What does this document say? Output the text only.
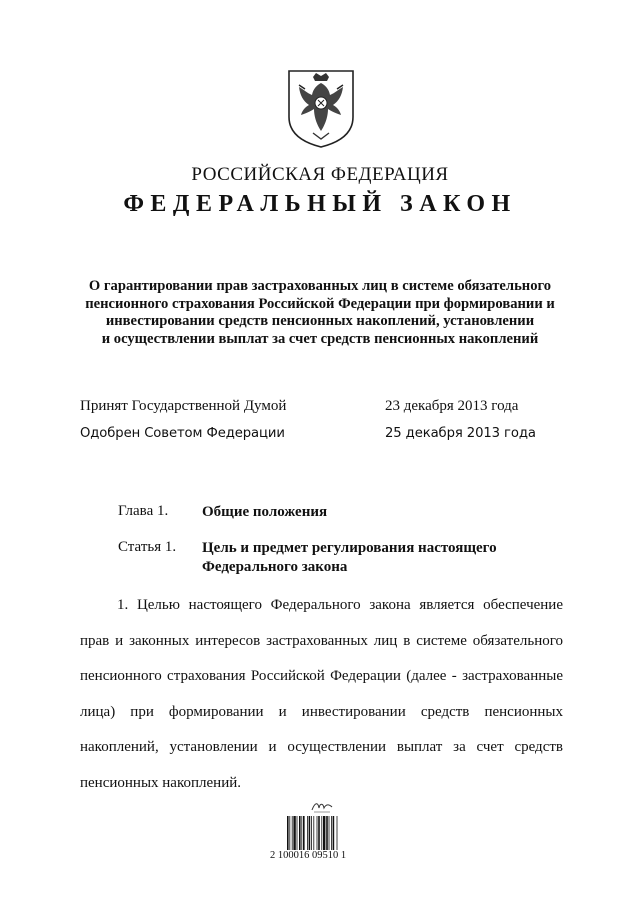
РОССИЙСКАЯ ФЕДЕРАЦИЯ
ФЕДЕРАЛЬНЫЙ ЗАКОН
О гарантировании прав застрахованных лиц в системе обязательного
пенсионного страхования Российской Федерации при формировании и
инвестировании средств пенсионных накоплений, установлении
и осуществлении выплат за счет средств пенсионных накоплений
Принят Государственной Думой	23 декабря 2013 года
Одобрен Советом Федерации	25 декабря 2013 года
Глава 1. Общие положения
Статья 1. Цель и предмет регулирования настоящего
Федерального закона
1. Целью настоящего Федерального закона является обеспечение
прав и законных интересов застрахованных лиц в системе обязательного
пенсионного страхования Российской Федерации (далее - застрахованные
лица) при формировании и инвестировании средств пенсионных
накоплений, установлении и осуществлении выплат за счет средств
пенсионных накоплений.
2 100016 09510 1
